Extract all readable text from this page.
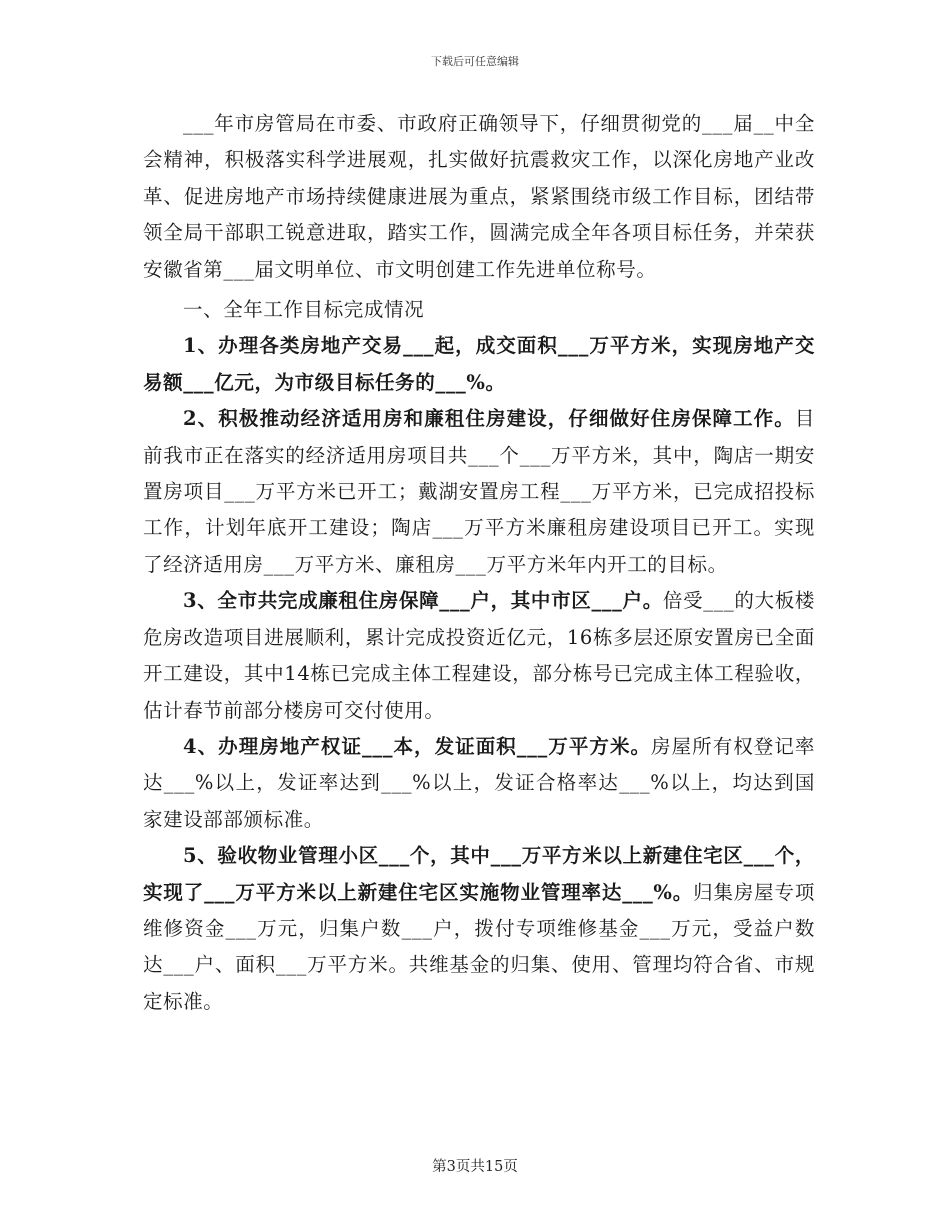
下载后可任意编辑

___年市房管局在市委、市政府正确领导下，仔细贯彻党的___届__中全会精神，积极落实科学进展观，扎实做好抗震救灾工作，以深化房地产业改革、促进房地产市场持续健康进展为重点，紧紧围绕市级工作目标，团结带领全局干部职工锐意进取，踏实工作，圆满完成全年各项目标任务，并荣获安徽省第___届文明单位、市文明创建工作先进单位称号。

一、全年工作目标完成情况

1、办理各类房地产交易___起，成交面积___万平方米，实现房地产交易额___亿元，为市级目标任务的___%。

2、积极推动经济适用房和廉租住房建设，仔细做好住房保障工作。目前我市正在落实的经济适用房项目共___个___万平方米，其中，陶店一期安置房项目___万平方米已开工；戴湖安置房工程___万平方米，已完成招投标工作，计划年底开工建设；陶店___万平方米廉租房建设项目已开工。实现了经济适用房___万平方米、廉租房___万平方米年内开工的目标。

3、全市共完成廉租住房保障___户，其中市区___户。倍受___的大板楼危房改造项目进展顺利，累计完成投资近亿元，16栋多层还原安置房已全面开工建设，其中14栋已完成主体工程建设，部分栋号已完成主体工程验收，估计春节前部分楼房可交付使用。

4、办理房地产权证___本，发证面积___万平方米。房屋所有权登记率达___%以上，发证率达到___%以上，发证合格率达___%以上，均达到国家建设部部颁标准。

5、验收物业管理小区___个，其中___万平方米以上新建住宅区___个，实现了___万平方米以上新建住宅区实施物业管理率达___%。归集房屋专项维修资金___万元，归集户数___户，拨付专项维修基金___万元，受益户数达___户、面积___万平方米。共维基金的归集、使用、管理均符合省、市规定标准。

第3页共15页
